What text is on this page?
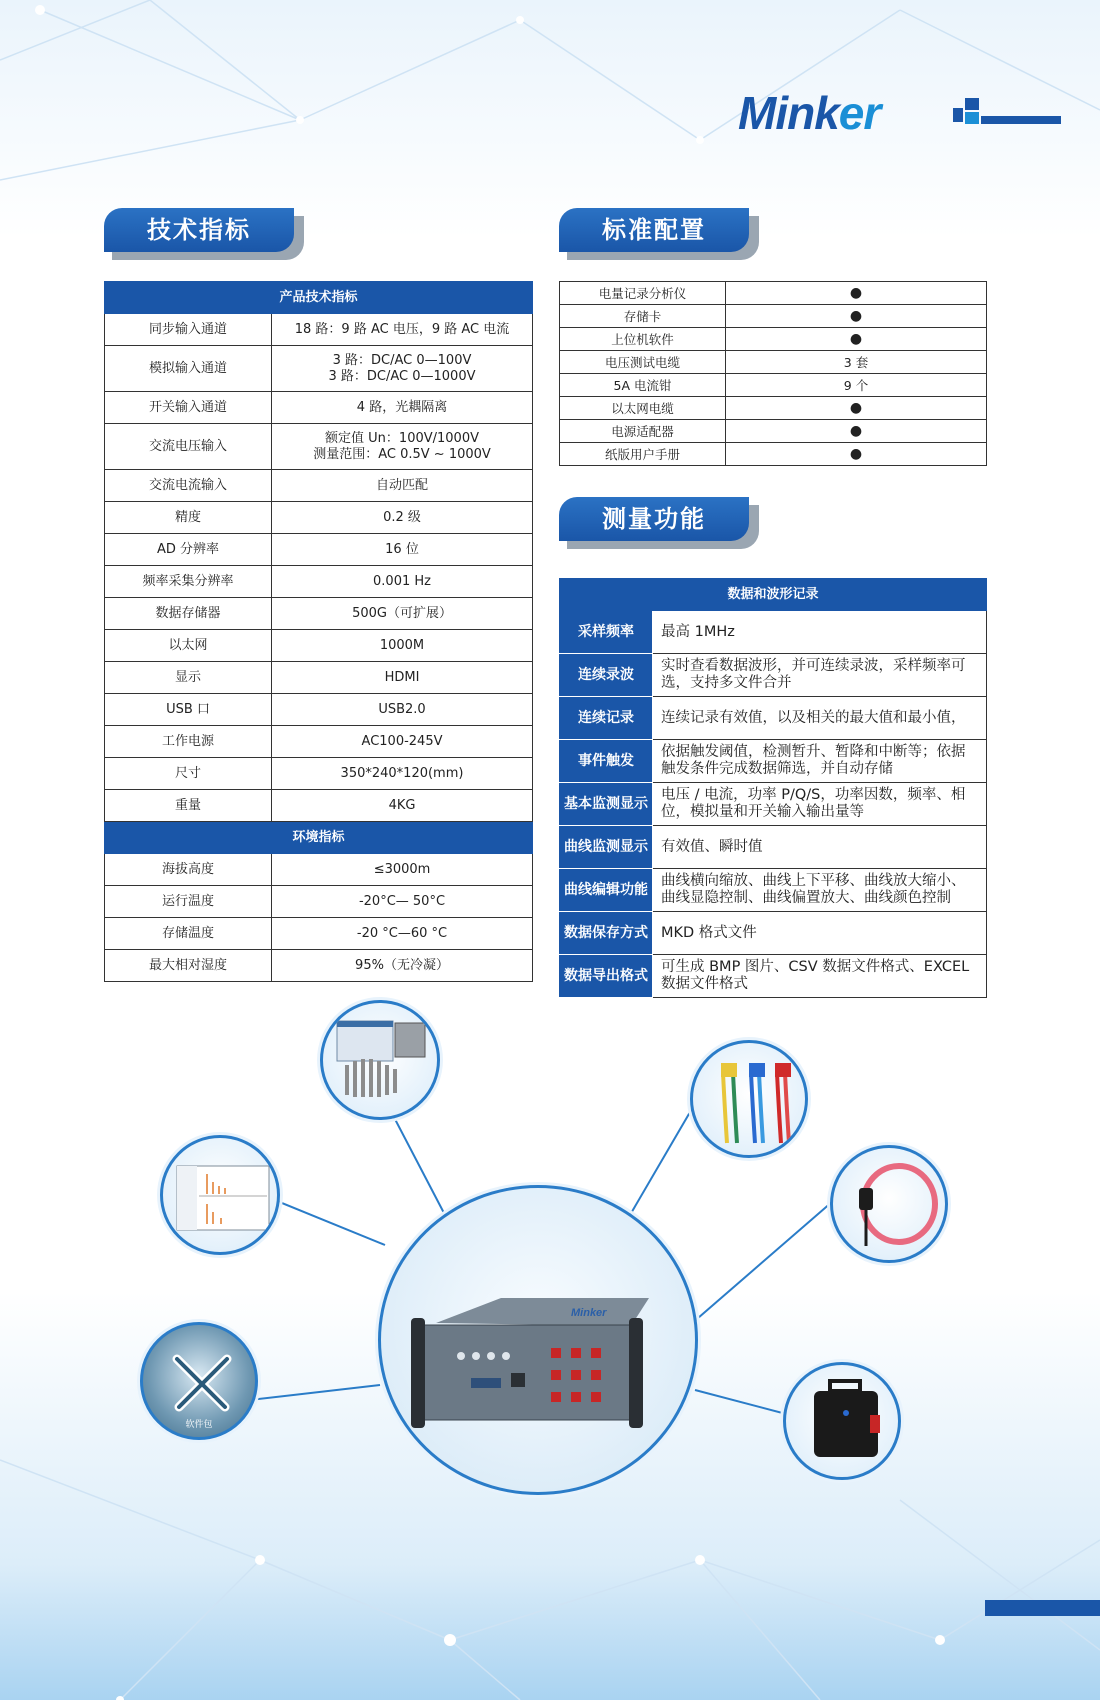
Minker
技术指标	标准配置
测量功能
产品技术指标	
同步输入通道	18 路：9 路 AC 电压，9 路 AC 电流
模拟输入通道	3 路：DC/AC 0—100V
3 路：DC/AC 0—1000V

开关输入通道	4 路，光耦隔离
交流电压输入	额定值 Un：100V/1000V
测量范围：AC 0.5V ~ 1000V

交流电流输入	自动匹配
精度	0.2 级
AD 分辨率	16 位
频率采集分辨率	0.001 Hz
数据存储器	500G（可扩展）
以太网	1000M
显示	HDMI
USB 口	USB2.0
工作电源	AC100-245V
尺寸	350*240*120(mm)
重量	4KG
环境指标	
海拔高度	≤3000m
运行温度	-20°C— 50°C
存储温度	-20 °C—60 °C
最大相对湿度	95%（无冷凝）
电量记录分析仪	●
存储卡	●
上位机软件	●
电压测试电缆	3 套
5A 电流钳	9 个
以太网电缆	●
电源适配器	●
纸版用户手册	●
数据和波形记录	
采样频率	最高 1MHz
连续录波	实时查看数据波形，并可连续录波，采样频率可选，支持多文件合并
连续记录	连续记录有效值，以及相关的最大值和最小值，
事件触发	依据触发阈值，检测暂升、暂降和中断等；依据触发条件完成数据筛选，并自动存储
基本监测显示	电压 / 电流，功率 P/Q/S，功率因数，频率、相位，模拟量和开关输入输出量等
曲线监测显示	有效值、瞬时值
曲线编辑功能	曲线横向缩放、曲线上下平移、曲线放大缩小、曲线显隐控制、曲线偏置放大、曲线颜色控制
数据保存方式	MKD 格式文件
数据导出格式	可生成 BMP 图片、CSV 数据文件格式、EXCEL 数据文件格式
软件包
Minker
